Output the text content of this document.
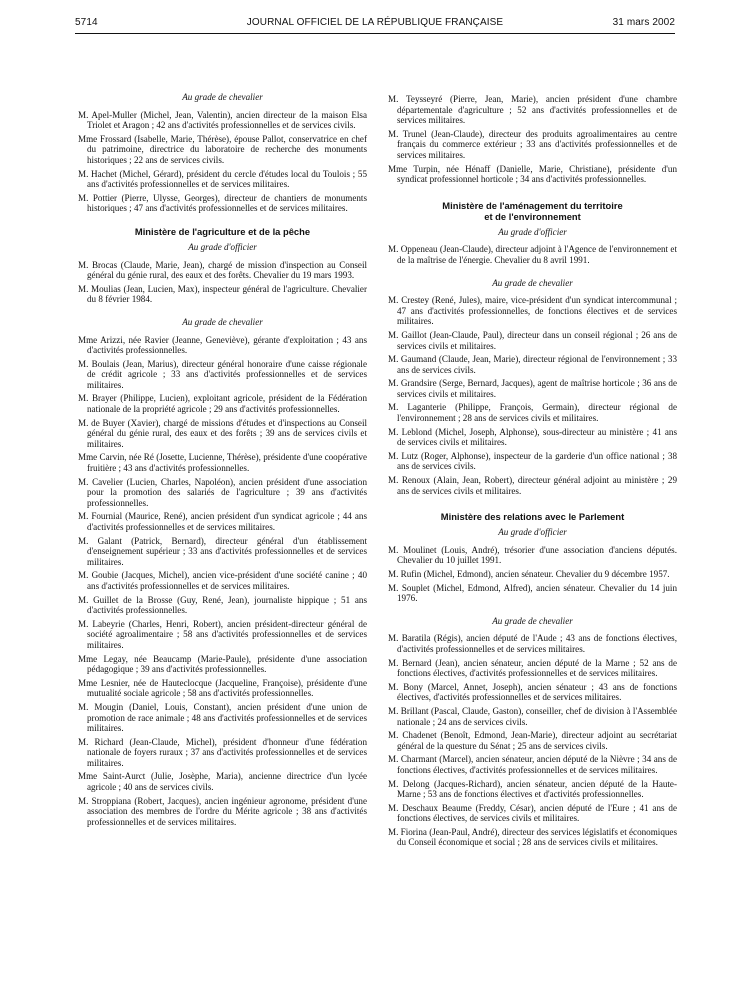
5714	JOURNAL OFFICIEL DE LA RÉPUBLIQUE FRANÇAISE	31 mars 2002
Au grade de chevalier
M. Apel-Muller (Michel, Jean, Valentin), ancien directeur de la maison Elsa Triolet et Aragon ; 42 ans d'activités professionnelles et de services civils.
Mme Frossard (Isabelle, Marie, Thérèse), épouse Pallot, conservatrice en chef du patrimoine, directrice du laboratoire de recherche des monuments historiques ; 22 ans de services civils.
M. Hachet (Michel, Gérard), président du cercle d'études local du Toulois ; 55 ans d'activités professionnelles et de services militaires.
M. Pottier (Pierre, Ulysse, Georges), directeur de chantiers de monuments historiques ; 47 ans d'activités professionnelles et de services militaires.
Ministère de l'agriculture et de la pêche
Au grade d'officier
M. Brocas (Claude, Marie, Jean), chargé de mission d'inspection au Conseil général du génie rural, des eaux et des forêts. Chevalier du 19 mars 1993.
M. Moulias (Jean, Lucien, Max), inspecteur général de l'agriculture. Chevalier du 8 février 1984.
Au grade de chevalier
Mme Arizzi, née Ravier (Jeanne, Geneviève), gérante d'exploitation ; 43 ans d'activités professionnelles.
M. Boulais (Jean, Marius), directeur général honoraire d'une caisse régionale de crédit agricole ; 33 ans d'activités professionnelles et de services militaires.
M. Brayer (Philippe, Lucien), exploitant agricole, président de la Fédération nationale de la propriété agricole ; 29 ans d'activités professionnelles.
M. de Buyer (Xavier), chargé de missions d'études et d'inspections au Conseil général du génie rural, des eaux et des forêts ; 39 ans de services civils et militaires.
Mme Carvin, née Ré (Josette, Lucienne, Thérèse), présidente d'une coopérative fruitière ; 43 ans d'activités professionnelles.
M. Cavelier (Lucien, Charles, Napoléon), ancien président d'une association pour la promotion des salariés de l'agriculture ; 39 ans d'activités professionnelles.
M. Fournial (Maurice, René), ancien président d'un syndicat agricole ; 44 ans d'activités professionnelles et de services militaires.
M. Galant (Patrick, Bernard), directeur général d'un établissement d'enseignement supérieur ; 33 ans d'activités professionnelles et de services militaires.
M. Goubie (Jacques, Michel), ancien vice-président d'une société canine ; 40 ans d'activités professionnelles et de services militaires.
M. Guillet de la Brosse (Guy, René, Jean), journaliste hippique ; 51 ans d'activités professionnelles.
M. Labeyrie (Charles, Henri, Robert), ancien président-directeur général de société agroalimentaire ; 58 ans d'activités professionnelles et de services militaires.
Mme Legay, née Beaucamp (Marie-Paule), présidente d'une association pédagogique ; 39 ans d'activités professionnelles.
Mme Lesnier, née de Hauteclocque (Jacqueline, Françoise), présidente d'une mutualité sociale agricole ; 58 ans d'activités professionnelles.
M. Mougin (Daniel, Louis, Constant), ancien président d'une union de promotion de race animale ; 48 ans d'activités professionnelles et de services militaires.
M. Richard (Jean-Claude, Michel), président d'honneur d'une fédération nationale de foyers ruraux ; 37 ans d'activités professionnelles et de services militaires.
Mme Saint-Aurct (Julie, Josèphe, Maria), ancienne directrice d'un lycée agricole ; 40 ans de services civils.
M. Stroppiana (Robert, Jacques), ancien ingénieur agronome, président d'une association des membres de l'ordre du Mérite agricole ; 38 ans d'activités professionnelles et de services militaires.
M. Teysseyré (Pierre, Jean, Marie), ancien président d'une chambre départementale d'agriculture ; 52 ans d'activités professionnelles et de services militaires.
M. Trunel (Jean-Claude), directeur des produits agroalimentaires au centre français du commerce extérieur ; 33 ans d'activités professionnelles et de services militaires.
Mme Turpin, née Hénaff (Danielle, Marie, Christiane), présidente d'un syndicat professionnel horticole ; 34 ans d'activités professionnelles.
Ministère de l'aménagement du territoire
et de l'environnement
Au grade d'officier
M. Oppeneau (Jean-Claude), directeur adjoint à l'Agence de l'environnement et de la maîtrise de l'énergie. Chevalier du 8 avril 1991.
Au grade de chevalier
M. Crestey (René, Jules), maire, vice-président d'un syndicat intercommunal ; 47 ans d'activités professionnelles, de fonctions électives et de services militaires.
M. Gaillot (Jean-Claude, Paul), directeur dans un conseil régional ; 26 ans de services civils et militaires.
M. Gaumand (Claude, Jean, Marie), directeur régional de l'environnement ; 33 ans de services civils.
M. Grandsire (Serge, Bernard, Jacques), agent de maîtrise horticole ; 36 ans de services civils et militaires.
M. Laganterie (Philippe, François, Germain), directeur régional de l'environnement ; 28 ans de services civils et militaires.
M. Leblond (Michel, Joseph, Alphonse), sous-directeur au ministère ; 41 ans de services civils et militaires.
M. Lutz (Roger, Alphonse), inspecteur de la garderie d'un office national ; 38 ans de services civils.
M. Renoux (Alain, Jean, Robert), directeur général adjoint au ministère ; 29 ans de services civils et militaires.
Ministère des relations avec le Parlement
Au grade d'officier
M. Moulinet (Louis, André), trésorier d'une association d'anciens députés. Chevalier du 10 juillet 1991.
M. Rufin (Michel, Edmond), ancien sénateur. Chevalier du 9 décembre 1957.
M. Souplet (Michel, Edmond, Alfred), ancien sénateur. Chevalier du 14 juin 1976.
Au grade de chevalier
M. Baratila (Régis), ancien député de l'Aude ; 43 ans de fonctions électives, d'activités professionnelles et de services militaires.
M. Bernard (Jean), ancien sénateur, ancien député de la Marne ; 52 ans de fonctions électives, d'activités professionnelles et de services militaires.
M. Bony (Marcel, Annet, Joseph), ancien sénateur ; 43 ans de fonctions électives, d'activités professionnelles et de services militaires.
M. Brillant (Pascal, Claude, Gaston), conseiller, chef de division à l'Assemblée nationale ; 24 ans de services civils.
M. Chadenet (Benoît, Edmond, Jean-Marie), directeur adjoint au secrétariat général de la questure du Sénat ; 25 ans de services civils.
M. Charmant (Marcel), ancien sénateur, ancien député de la Nièvre ; 34 ans de fonctions électives, d'activités professionnelles et de services militaires.
M. Delong (Jacques-Richard), ancien sénateur, ancien député de la Haute-Marne ; 53 ans de fonctions électives et d'activités professionnelles.
M. Deschaux Beaume (Freddy, César), ancien député de l'Eure ; 41 ans de fonctions électives, de services civils et militaires.
M. Fiorina (Jean-Paul, André), directeur des services législatifs et économiques du Conseil économique et social ; 28 ans de services civils et militaires.
